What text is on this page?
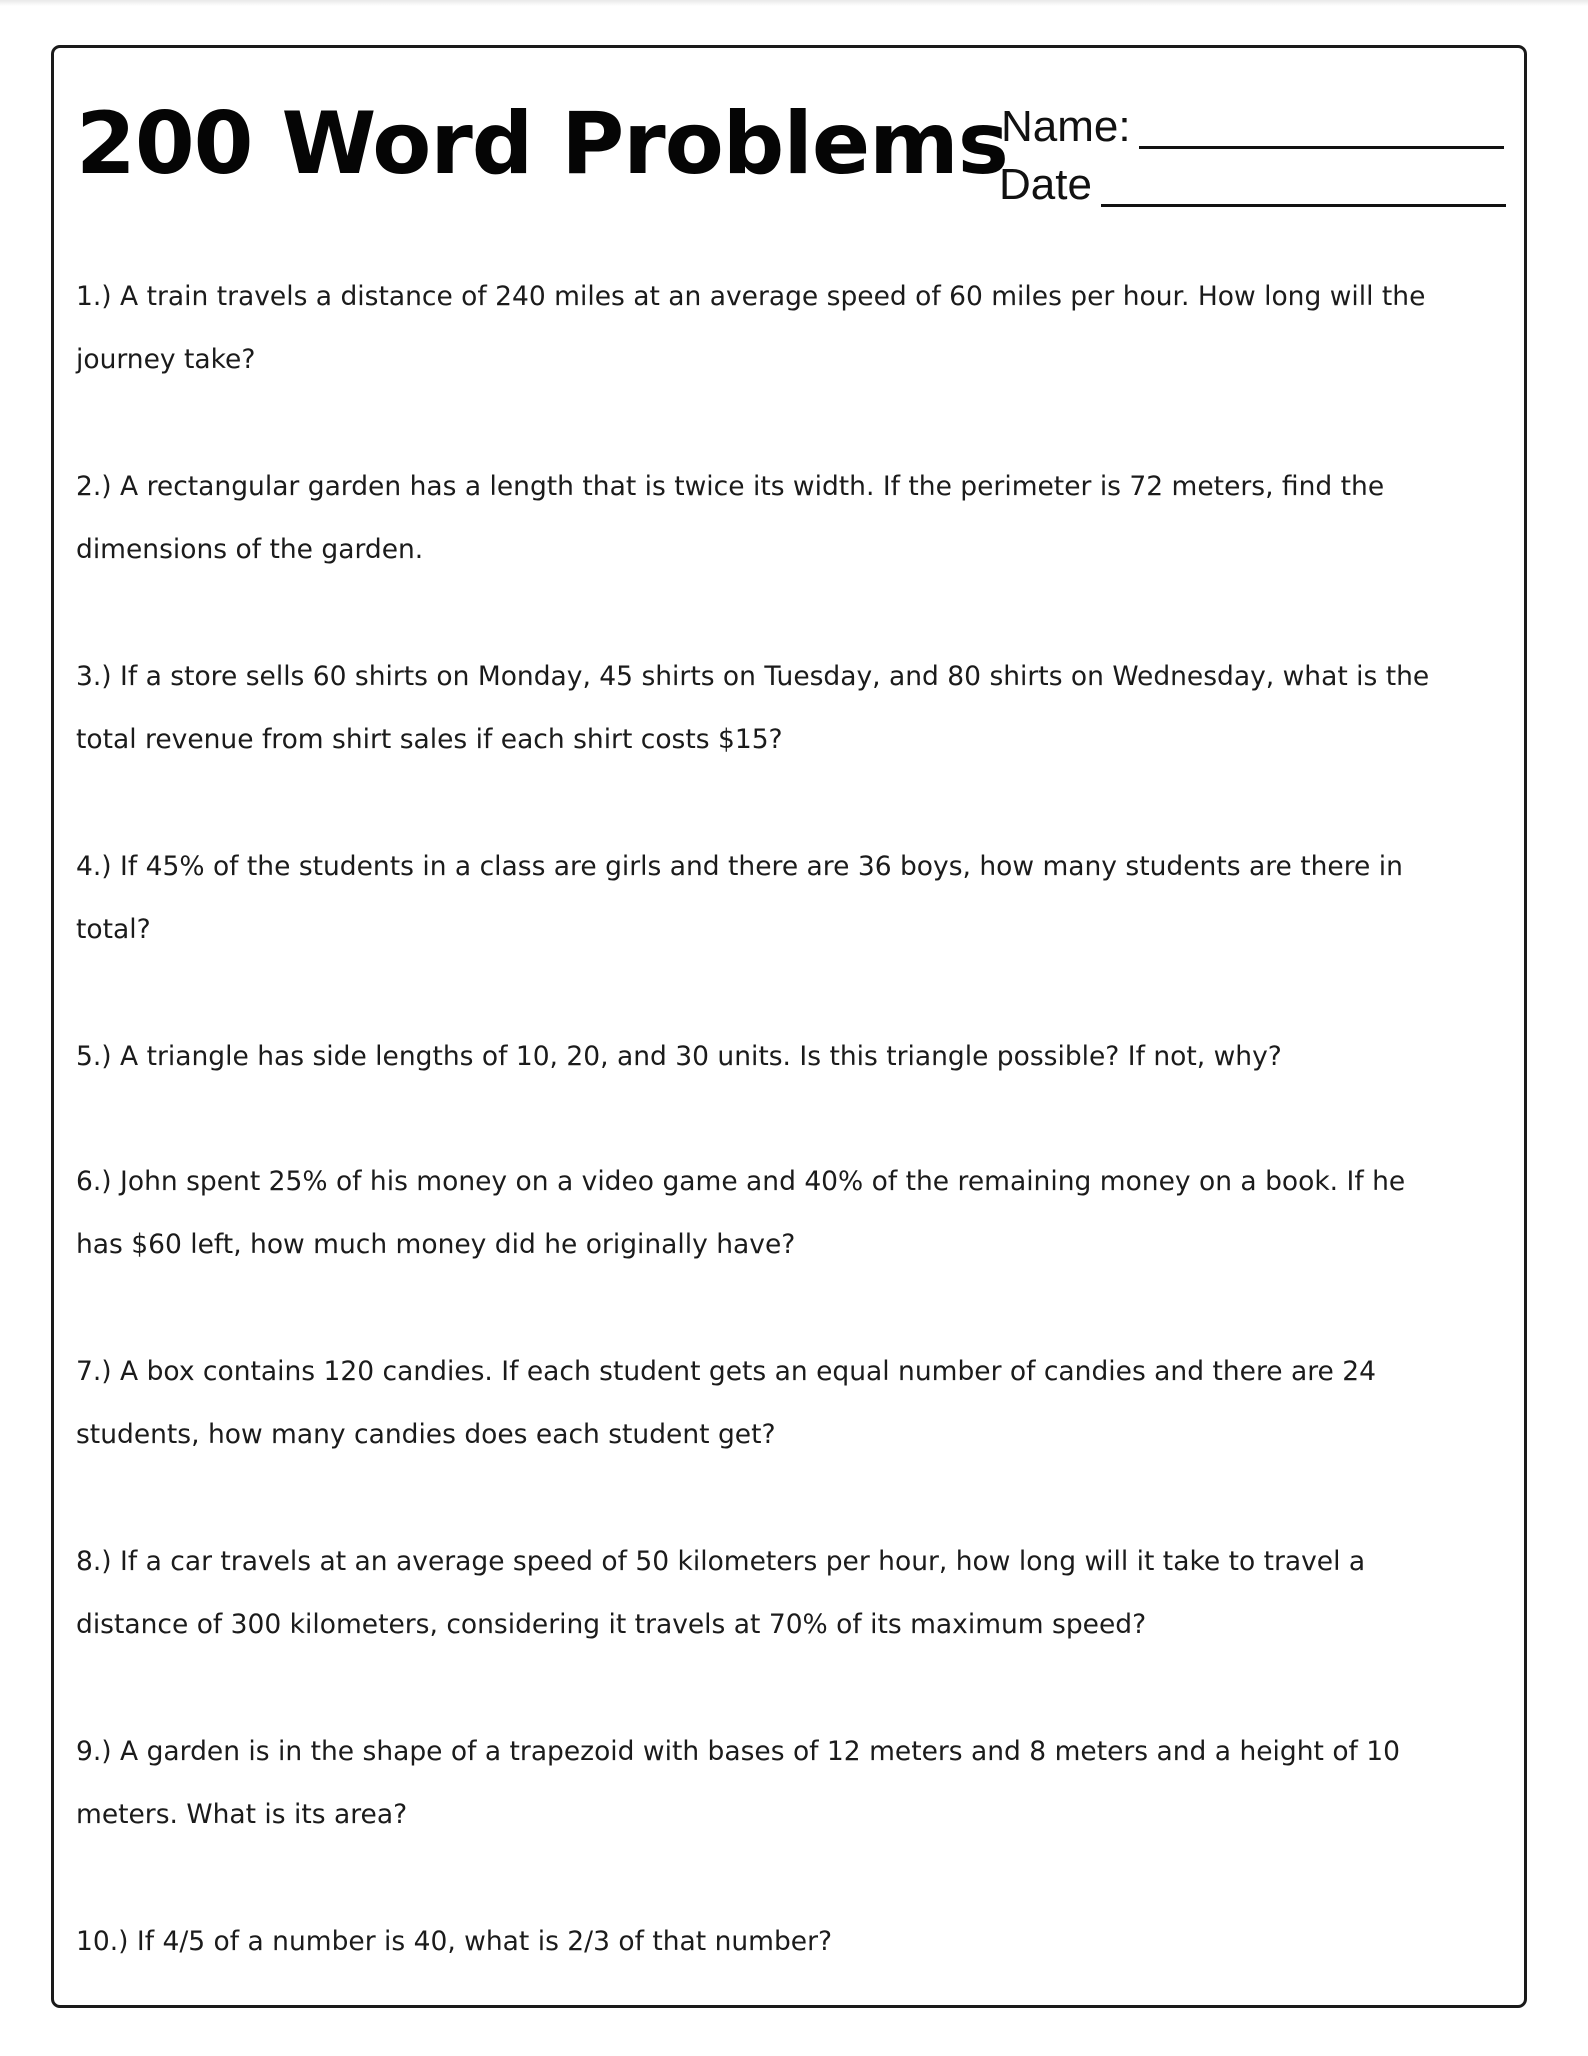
200 Word Problems
Name:
Date
1.) A train travels a distance of 240 miles at an average speed of 60 miles per hour. How long will the journey take?
2.) A rectangular garden has a length that is twice its width. If the perimeter is 72 meters, find the dimensions of the garden.
3.) If a store sells 60 shirts on Monday, 45 shirts on Tuesday, and 80 shirts on Wednesday, what is the total revenue from shirt sales if each shirt costs $15?
4.) If 45% of the students in a class are girls and there are 36 boys, how many students are there in total?
5.) A triangle has side lengths of 10, 20, and 30 units. Is this triangle possible? If not, why?
6.) John spent 25% of his money on a video game and 40% of the remaining money on a book. If he has $60 left, how much money did he originally have?
7.) A box contains 120 candies. If each student gets an equal number of candies and there are 24 students, how many candies does each student get?
8.) If a car travels at an average speed of 50 kilometers per hour, how long will it take to travel a distance of 300 kilometers, considering it travels at 70% of its maximum speed?
9.) A garden is in the shape of a trapezoid with bases of 12 meters and 8 meters and a height of 10 meters. What is its area?
10.) If 4/5 of a number is 40, what is 2/3 of that number?
